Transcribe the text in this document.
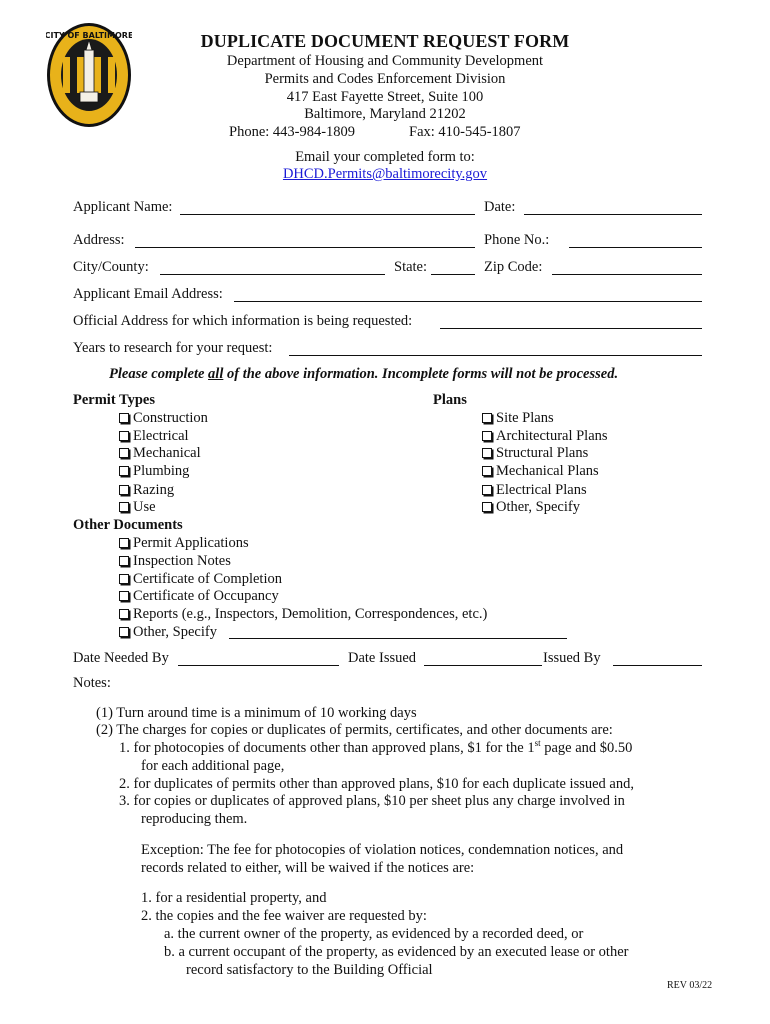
CITY OF BALTIMORE	DUPLICATE DOCUMENT REQUEST FORM
Department of Housing and Community Development
Permits and Codes Enforcement Division
417 East Fayette Street, Suite 100
Baltimore, Maryland 21202
Phone: 443-984-1809	Fax: 410-545-1807
Email your completed form to:
DHCD.Permits@baltimorecity.gov
Applicant Name:	Date:
Address:	Phone No.:
City/County:	State:	Zip Code:
Applicant Email Address:
Official Address for which information is being requested:
Years to research for your request:
Please complete all of the above information. Incomplete forms will not be processed.
Permit Types
Construction
Electrical
Mechanical
Plumbing
Razing
Use
Plans
Site Plans
Architectural Plans
Structural Plans
Mechanical Plans
Electrical Plans
Other, Specify
Other Documents
Permit Applications
Inspection Notes
Certificate of Completion
Certificate of Occupancy
Reports (e.g., Inspectors, Demolition, Correspondences, etc.)
Other, Specify
Date Needed By	Date Issued	Issued By
Notes:
(1) Turn around time is a minimum of 10 working days
(2) The charges for copies or duplicates of permits, certificates, and other documents are:
1. for photocopies of documents other than approved plans, $1 for the 1st page and $0.50
for each additional page,
2. for duplicates of permits other than approved plans, $10 for each duplicate issued and,
3. for copies or duplicates of approved plans, $10 per sheet plus any charge involved in
reproducing them.
Exception: The fee for photocopies of violation notices, condemnation notices, and
records related to either, will be waived if the notices are:
1. for a residential property, and
2. the copies and the fee waiver are requested by:
a. the current owner of the property, as evidenced by a recorded deed, or
b. a current occupant of the property, as evidenced by an executed lease or other
record satisfactory to the Building Official
REV 03/22
